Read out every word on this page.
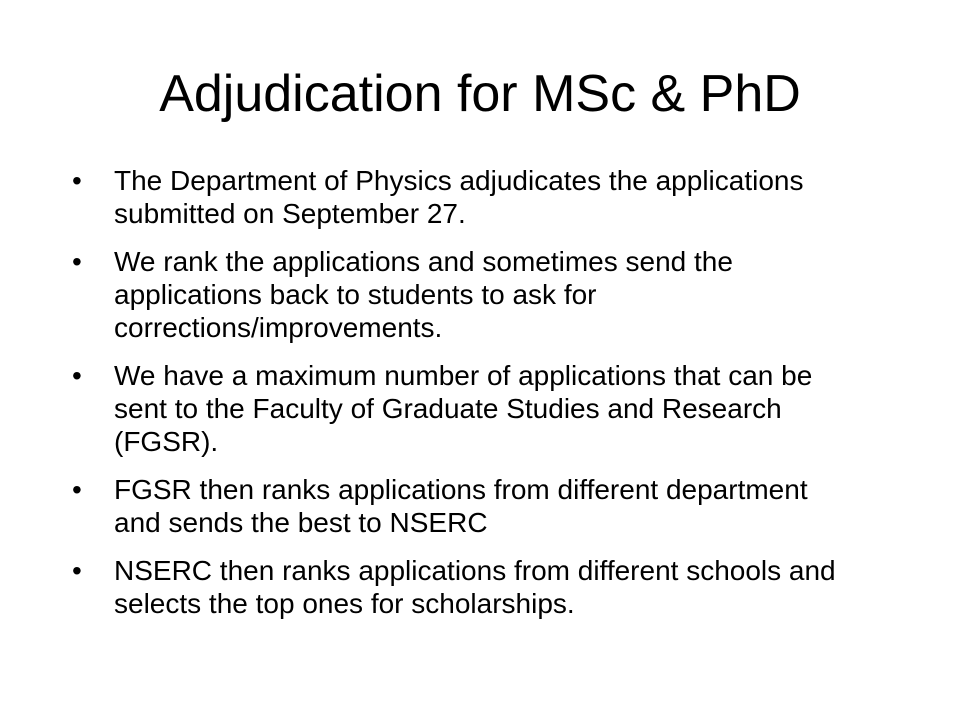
Adjudication for MSc & PhD
•	The Department of Physics adjudicates the applications submitted on September 27.
•	We rank the applications and sometimes send the applications back to students to ask for corrections/improvements.
•	We have a maximum number of applications that can be sent to the Faculty of Graduate Studies and Research (FGSR).
•	FGSR then ranks applications from different department and sends the best to NSERC
•	NSERC then ranks applications from different schools and selects the top ones for scholarships.
